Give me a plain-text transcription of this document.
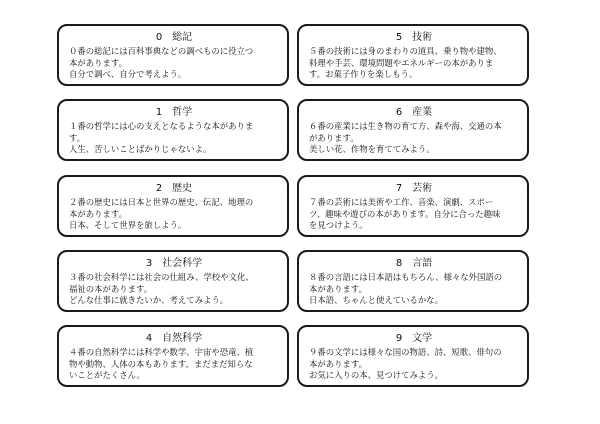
0　総記
０番の総記には百科事典などの調べものに役立つ
本があります。
自分で調べ、自分で考えよう。
5　技術
５番の技術には身のまわりの道具、乗り物や建物、
料理や手芸、環境問題やエネルギーの本がありま
す。お菓子作りを楽しもう。
1　哲学
１番の哲学には心の支えとなるような本がありま
す。
人生、苦しいことばかりじゃないよ。
6　産業
６番の産業には生き物の育て方、森や海、交通の本
があります。
美しい花、作物を育ててみよう。
2　歴史
２番の歴史には日本と世界の歴史、伝記、地理の
本があります。
日本、そして世界を旅しよう。
7　芸術
７番の芸術には美術や工作、音楽、演劇、スポー
ツ、趣味や遊びの本があります。自分に合った趣味
を見つけよう。
3　社会科学
３番の社会科学には社会の仕組み、学校や文化、
福祉の本があります。
どんな仕事に就きたいか、考えてみよう。
8　言語
８番の言語には日本語はもちろん、様々な外国語の
本があります。
日本語、ちゃんと使えているかな。
4　自然科学
４番の自然科学には科学や数学、宇宙や恐竜、植
物や動物、人体の本もあります。まだまだ知らな
いことがたくさん。
9　文学
９番の文学には様々な国の物語、詩、短歌、俳句の
本があります。
お気に入りの本、見つけてみよう。
